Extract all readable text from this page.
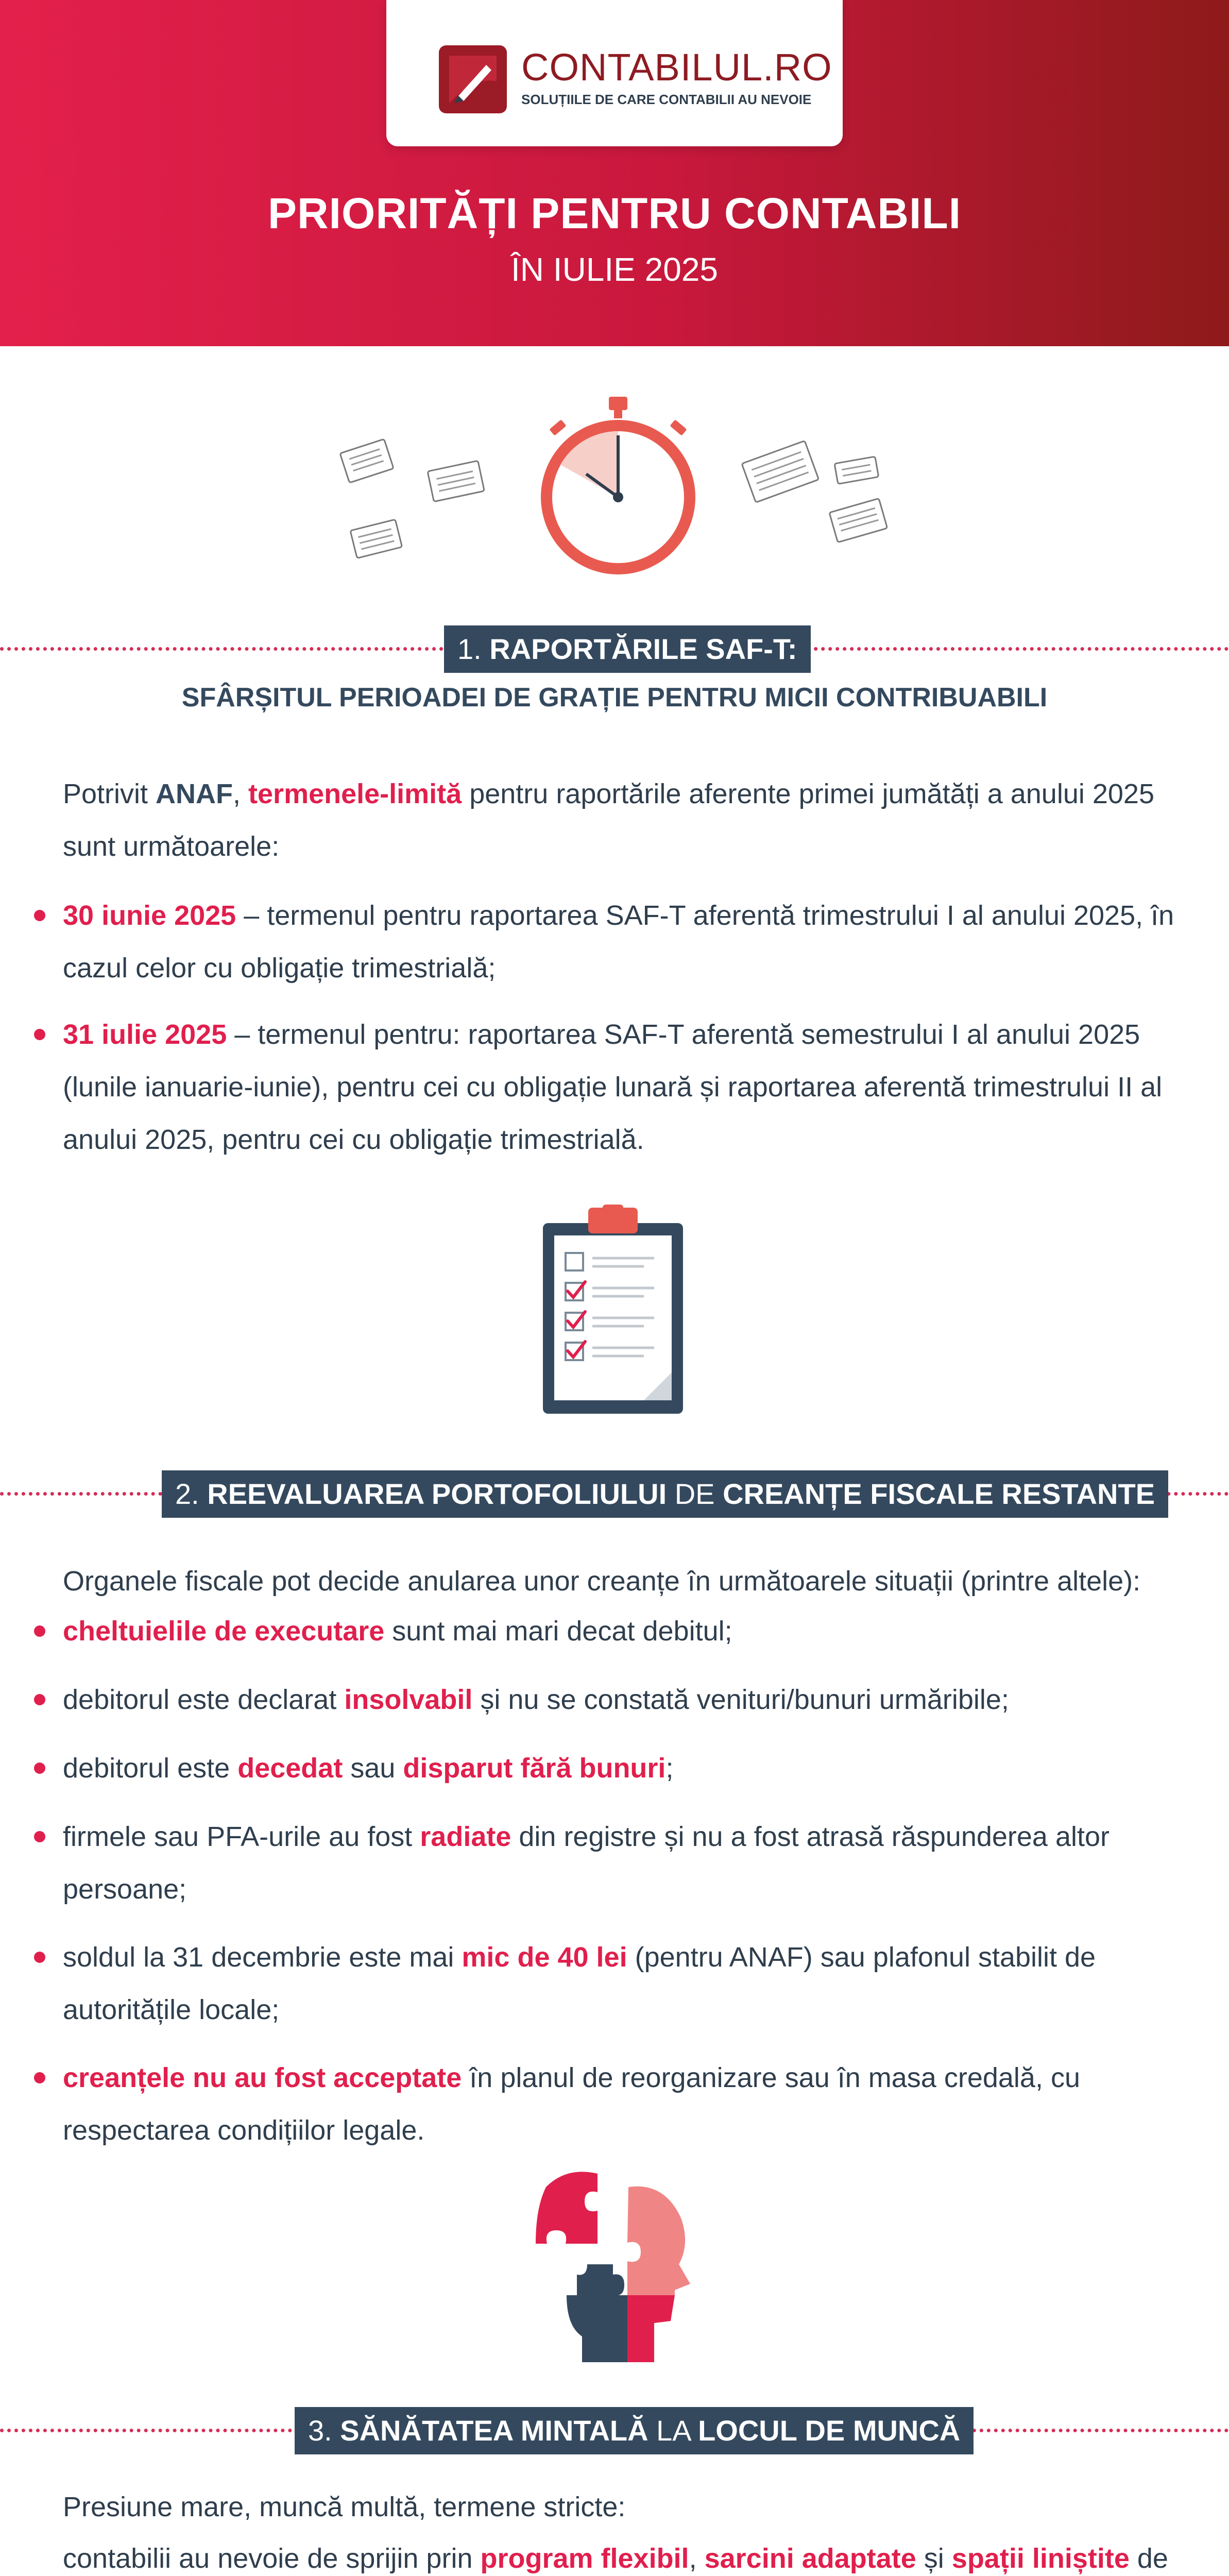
CONTABILUL.RO
SOLUȚIILE DE CARE CONTABILII AU NEVOIE
PRIORITĂȚI PENTRU CONTABILI
ÎN IULIE 2025
1. RAPORTĂRILE SAF-T:
SFÂRȘITUL PERIOADEI DE GRAȚIE PENTRU MICII CONTRIBUABILI
Potrivit ANAF, termenele-limită pentru raportările aferente primei jumătăți a anului 2025 sunt următoarele:
30 iunie 2025 – termenul pentru raportarea SAF-T aferentă trimestrului I al anului 2025, în cazul celor cu obligație trimestrială;
31 iulie 2025 – termenul pentru: raportarea SAF-T aferentă semestrului I al anului 2025 (lunile ianuarie-iunie), pentru cei cu obligație lunară și raportarea aferentă trimestrului II al anului 2025, pentru cei cu obligație trimestrială.
2. REEVALUAREA PORTOFOLIULUI DE CREANȚE FISCALE RESTANTE
Organele fiscale pot decide anularea unor creanțe în următoarele situații (printre altele):
cheltuielile de executare sunt mai mari decat debitul;
debitorul este declarat insolvabil și nu se constată venituri/bunuri urmăribile;
debitorul este decedat sau disparut fără bunuri;
firmele sau PFA-urile au fost radiate din registre și nu a fost atrasă răspunderea altor persoane;
soldul la 31 decembrie este mai mic de 40 lei (pentru ANAF) sau plafonul stabilit de autoritățile locale;
creanțele nu au fost acceptate în planul de reorganizare sau în masa credală, cu respectarea condițiilor legale.
3. SĂNĂTATEA MINTALĂ LA LOCUL DE MUNCĂ
Presiune mare, muncă multă, termene stricte:
contabilii au nevoie de sprijin prin program flexibil, sarcini adaptate și spații liniștite de
